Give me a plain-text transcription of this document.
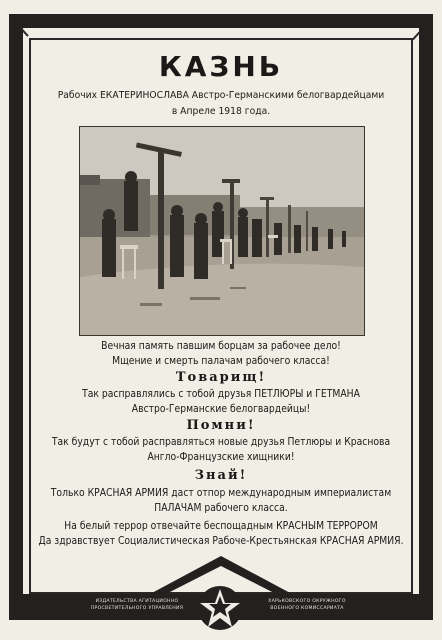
КАЗНЬ
Рабочих ЕКАТЕРИНОСЛАВА Австро-Германскими белогвардейцами
в Апреле 1918 года.
Вечная память павшим борцам за рабочее дело!
Мщение и смерть палачам рабочего класса!
Товарищ!
Так расправлялись с тобой друзья ПЕТЛЮРЫ и ГЕТМАНА
Австро-Германские белогвардейцы!
Помни!
Так будут с тобой расправляться новые друзья Петлюры и Краснова
Англо-Французские хищники!
Знай!
Только КРАСНАЯ АРМИЯ даст отпор международным империалистам
ПАЛАЧАМ рабочего класса.
На белый террор отвечайте беспощадным КРАСНЫМ ТЕРРОРОМ
Да здравствует Социалистическая Рабоче-Крестьянская КРАСНАЯ АРМИЯ.
ИЗДАТЕЛЬСТВА АГИТАЦИОННО
ПРОСВЕТИТЕЛЬНОГО УПРАВЛЕНИЯ
ХАРЬКОВСКОГО ОКРУЖНОГО
ВОЕННОГО КОМИССАРИАТА
